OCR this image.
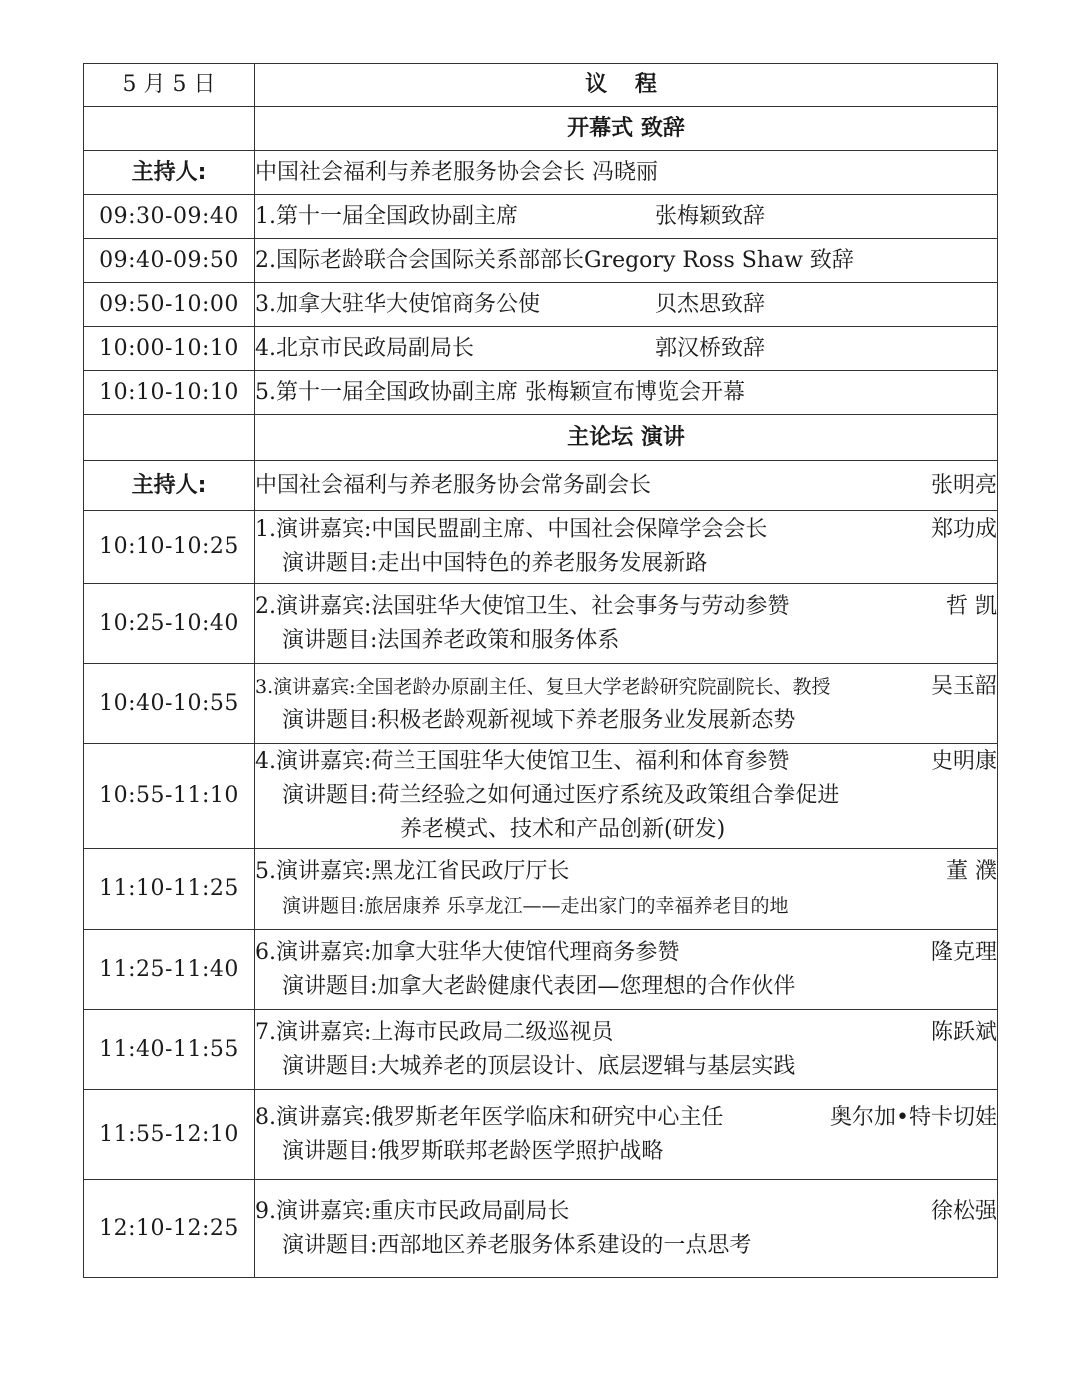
5 月 5 日	议 程
	开幕式 致辞
主持人:	中国社会福利与养老服务协会会长 冯晓丽
09:30-09:40	1.第十一届全国政协副主席 张梅颖致辞

09:40-09:50	2.国际老龄联合会国际关系部部长Gregory Ross Shaw 致辞

09:50-10:00	3.加拿大驻华大使馆商务公使 贝杰思致辞

10:00-10:10	4.北京市民政局副局长 郭汉桥致辞

10:10-10:10	5.第十一届全国政协副主席 张梅颖宣布博览会开幕

	主论坛 演讲
主持人:	中国社会福利与养老服务协会常务副会长 张明亮

10:10-10:25	1.演讲嘉宾:中国民盟副主席、中国社会保障学会会长 郑功成
演讲题目:走出中国特色的养老服务发展新路

10:25-10:40	2.演讲嘉宾:法国驻华大使馆卫生、社会事务与劳动参赞 哲 凯
演讲题目:法国养老政策和服务体系

10:40-10:55	3.演讲嘉宾:全国老龄办原副主任、复旦大学老龄研究院副院长、教授 吴玉韶
演讲题目:积极老龄观新视域下养老服务业发展新态势

10:55-11:10	4.演讲嘉宾:荷兰王国驻华大使馆卫生、福利和体育参赞 史明康
演讲题目:荷兰经验之如何通过医疗系统及政策组合拳促进
养老模式、技术和产品创新(研发)

11:10-11:25	5.演讲嘉宾:黑龙江省民政厅厅长 董 濮
演讲题目:旅居康养 乐享龙江——走出家门的幸福养老目的地

11:25-11:40	6.演讲嘉宾:加拿大驻华大使馆代理商务参赞 隆克理
演讲题目:加拿大老龄健康代表团—您理想的合作伙伴

11:40-11:55	7.演讲嘉宾:上海市民政局二级巡视员 陈跃斌
演讲题目:大城养老的顶层设计、底层逻辑与基层实践

11:55-12:10	8.演讲嘉宾:俄罗斯老年医学临床和研究中心主任 奥尔加•特卡切娃
演讲题目:俄罗斯联邦老龄医学照护战略

12:10-12:25	9.演讲嘉宾:重庆市民政局副局长 徐松强
演讲题目:西部地区养老服务体系建设的一点思考
